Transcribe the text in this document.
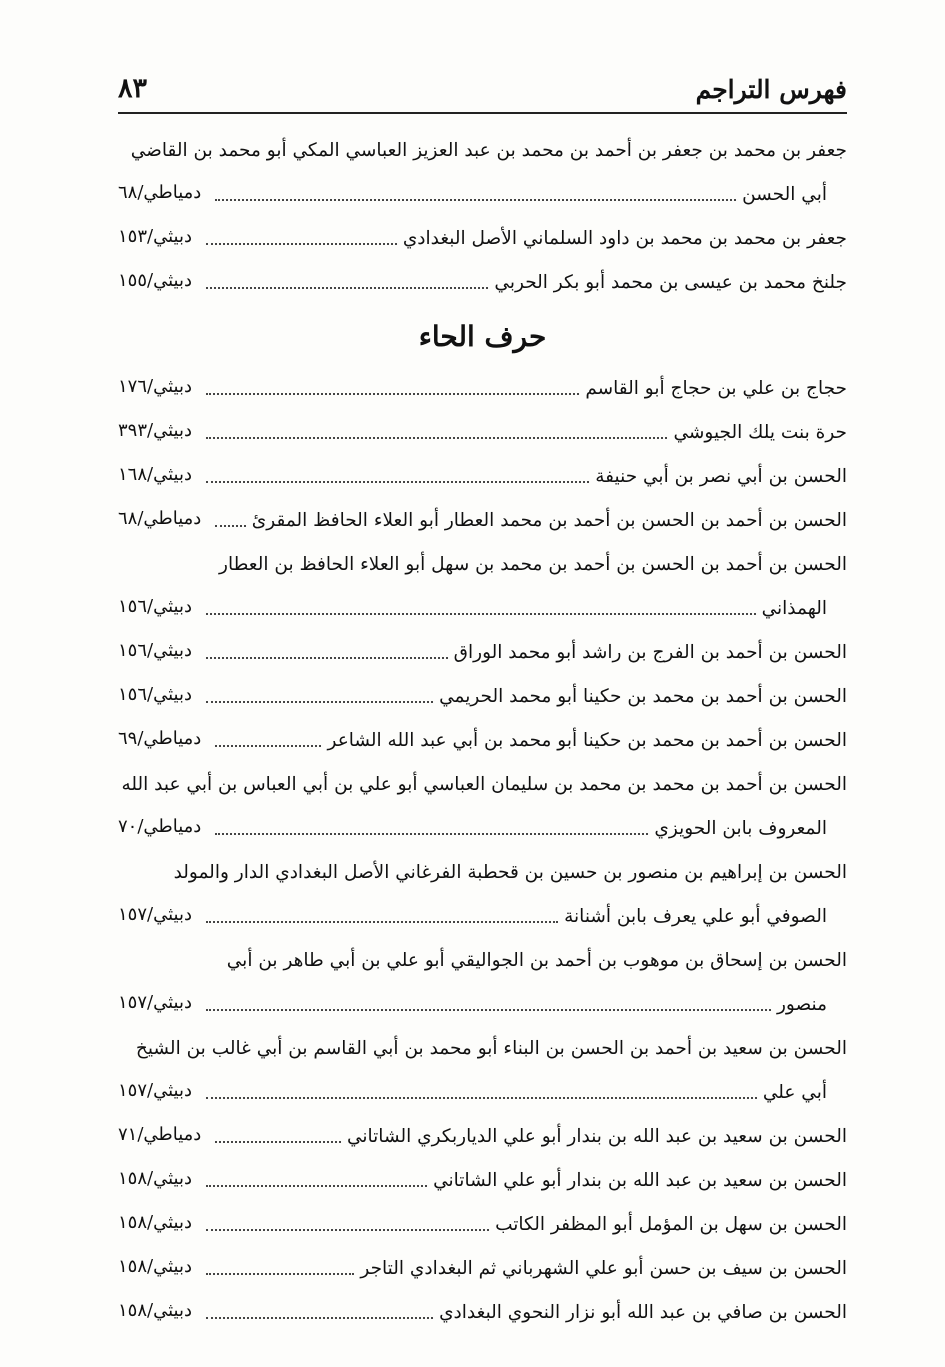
٨٣	فهرس التراجم
جعفر بن محمد بن جعفر بن أحمد بن محمد بن عبد العزيز العباسي المكي أبو محمد بن القاضي
أبي الحسن
دمياطي/٦٨
جعفر بن محمد بن محمد بن داود السلماني الأصل البغدادي
دبيثي/١٥٣
جلنخ محمد بن عيسى بن محمد أبو بكر الحربي
دبيثي/١٥٥
حرف الحاء
حجاج بن علي بن حجاج أبو القاسم
دبيثي/١٧٦
حرة بنت يلك الجيوشي
دبيثي/٣٩٣
الحسن بن أبي نصر بن أبي حنيفة
دبيثي/١٦٨
الحسن بن أحمد بن الحسن بن أحمد بن محمد العطار أبو العلاء الحافظ المقرئ
دمياطي/٦٨
الحسن بن أحمد بن الحسن بن أحمد بن محمد بن سهل أبو العلاء الحافظ بن العطار
الهمذاني
دبيثي/١٥٦
الحسن بن أحمد بن الفرج بن راشد أبو محمد الوراق
دبيثي/١٥٦
الحسن بن أحمد بن محمد بن حكينا أبو محمد الحريمي
دبيثي/١٥٦
الحسن بن أحمد بن محمد بن حكينا أبو محمد بن أبي عبد الله الشاعر
دمياطي/٦٩
الحسن بن أحمد بن محمد بن محمد بن سليمان العباسي أبو علي بن أبي العباس بن أبي عبد الله
المعروف بابن الحويزي
دمياطي/٧٠
الحسن بن إبراهيم بن منصور بن حسين بن قحطبة الفرغاني الأصل البغدادي الدار والمولد
الصوفي أبو علي يعرف بابن أشنانة
دبيثي/١٥٧
الحسن بن إسحاق بن موهوب بن أحمد بن الجواليقي أبو علي بن أبي طاهر بن أبي
منصور
دبيثي/١٥٧
الحسن بن سعيد بن أحمد بن الحسن بن البناء أبو محمد بن أبي القاسم بن أبي غالب بن الشيخ
أبي علي
دبيثي/١٥٧
الحسن بن سعيد بن عبد الله بن بندار أبو علي الدياربكري الشاتاني
دمياطي/٧١
الحسن بن سعيد بن عبد الله بن بندار أبو علي الشاتاني
دبيثي/١٥٨
الحسن بن سهل بن المؤمل أبو المظفر الكاتب
دبيثي/١٥٨
الحسن بن سيف بن حسن أبو علي الشهرباني ثم البغدادي التاجر
دبيثي/١٥٨
الحسن بن صافي بن عبد الله أبو نزار النحوي البغدادي
دبيثي/١٥٨
